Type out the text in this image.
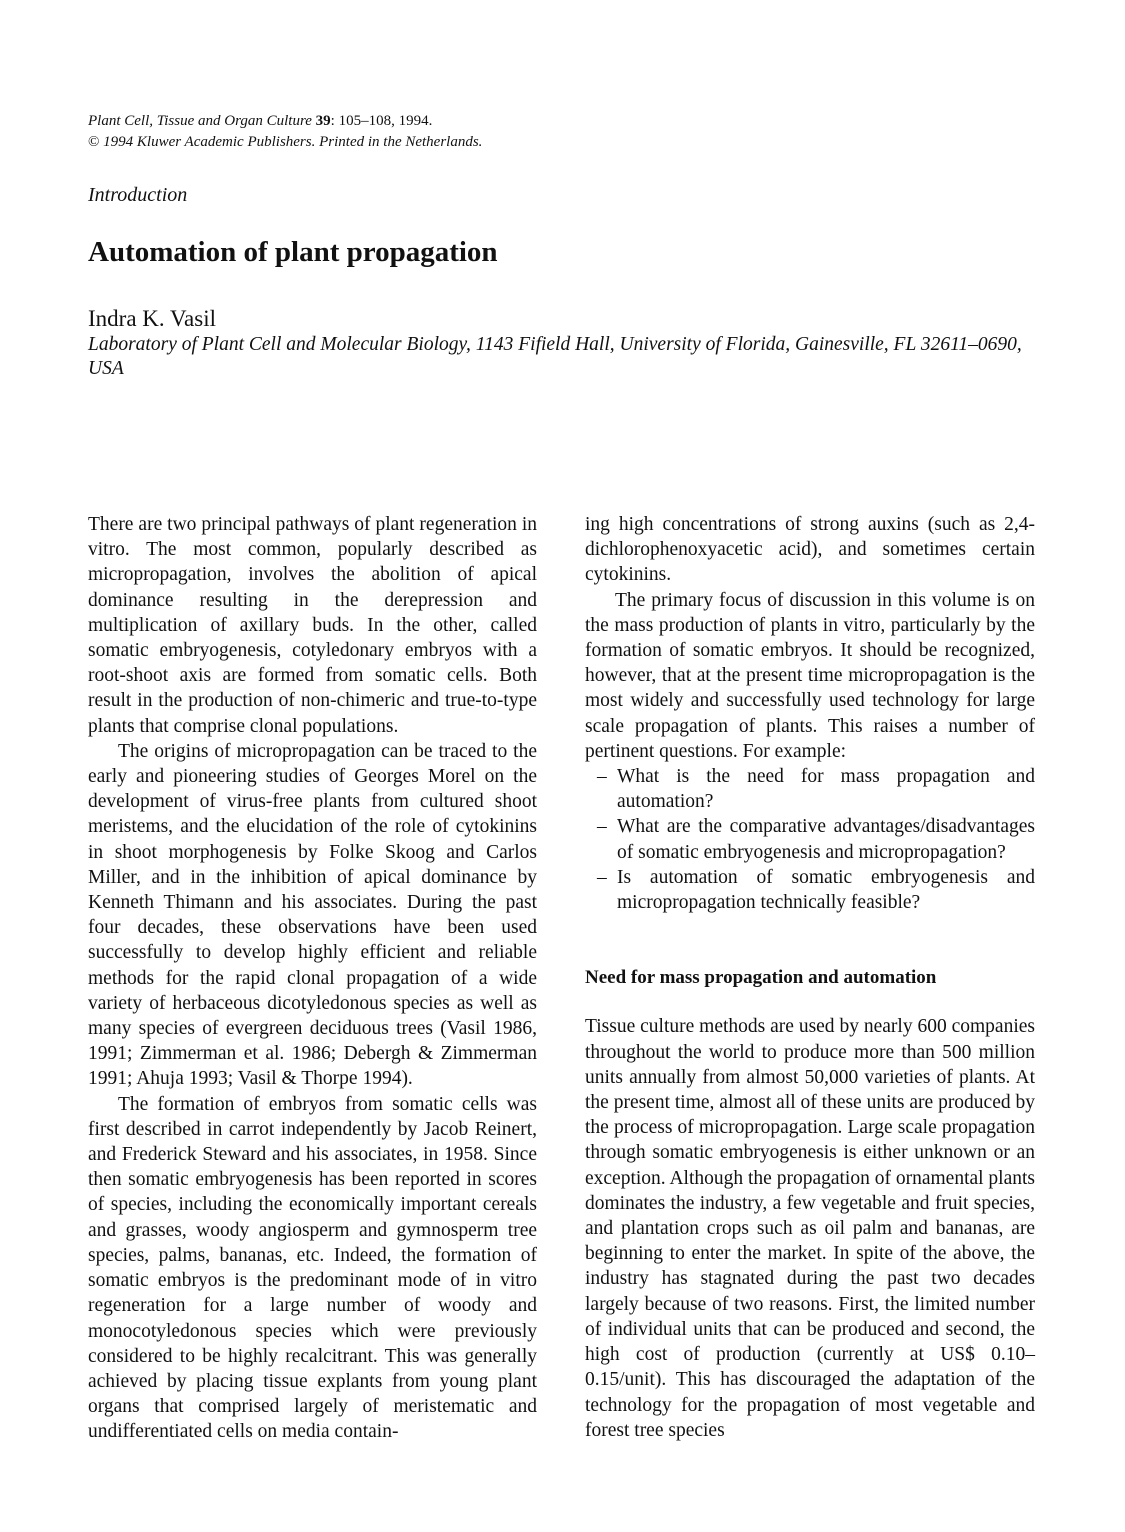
Plant Cell, Tissue and Organ Culture 39: 105–108, 1994.
© 1994 Kluwer Academic Publishers. Printed in the Netherlands.
Introduction
Automation of plant propagation
Indra K. Vasil
Laboratory of Plant Cell and Molecular Biology, 1143 Fifield Hall, University of Florida, Gainesville, FL 32611–0690, USA

There are two principal pathways of plant regeneration in vitro. The most common, popularly described as micropropagation, involves the abolition of apical dominance resulting in the derepression and multiplication of axillary buds. In the other, called somatic embryogenesis, cotyledonary embryos with a root-shoot axis are formed from somatic cells. Both result in the production of non-chimeric and true-to-type plants that comprise clonal populations.

The origins of micropropagation can be traced to the early and pioneering studies of Georges Morel on the development of virus-free plants from cultured shoot meristems, and the elucidation of the role of cytokinins in shoot morphogenesis by Folke Skoog and Carlos Miller, and in the inhibition of apical dominance by Kenneth Thimann and his associates. During the past four decades, these observations have been used successfully to develop highly efficient and reliable methods for the rapid clonal propagation of a wide variety of herbaceous dicotyledonous species as well as many species of evergreen deciduous trees (Vasil 1986, 1991; Zimmerman et al. 1986; Debergh & Zimmerman 1991; Ahuja 1993; Vasil & Thorpe 1994).

The formation of embryos from somatic cells was first described in carrot independently by Jacob Reinert, and Frederick Steward and his associates, in 1958. Since then somatic embryogenesis has been reported in scores of species, including the economically important cereals and grasses, woody angiosperm and gymnosperm tree species, palms, bananas, etc. Indeed, the formation of somatic embryos is the predominant mode of in vitro regeneration for a large number of woody and monocotyledonous species which were previously considered to be highly recalcitrant. This was generally achieved by placing tissue explants from young plant organs that comprised largely of meristematic and undifferentiated cells on media contain-

ing high concentrations of strong auxins (such as 2,4-dichlorophenoxyacetic acid), and sometimes certain cytokinins.

The primary focus of discussion in this volume is on the mass production of plants in vitro, particularly by the formation of somatic embryos. It should be recognized, however, that at the present time micropropagation is the most widely and successfully used technology for large scale propagation of plants. This raises a number of pertinent questions. For example:

– What is the need for mass propagation and automation?
– What are the comparative advantages/disadvantages of somatic embryogenesis and micropropagation?
– Is automation of somatic embryogenesis and micropropagation technically feasible?

Need for mass propagation and automation

Tissue culture methods are used by nearly 600 companies throughout the world to produce more than 500 million units annually from almost 50,000 varieties of plants. At the present time, almost all of these units are produced by the process of micropropagation. Large scale propagation through somatic embryogenesis is either unknown or an exception. Although the propagation of ornamental plants dominates the industry, a few vegetable and fruit species, and plantation crops such as oil palm and bananas, are beginning to enter the market. In spite of the above, the industry has stagnated during the past two decades largely because of two reasons. First, the limited number of individual units that can be produced and second, the high cost of production (currently at US$ 0.10–0.15/unit). This has discouraged the adaptation of the technology for the propagation of most vegetable and forest tree species
